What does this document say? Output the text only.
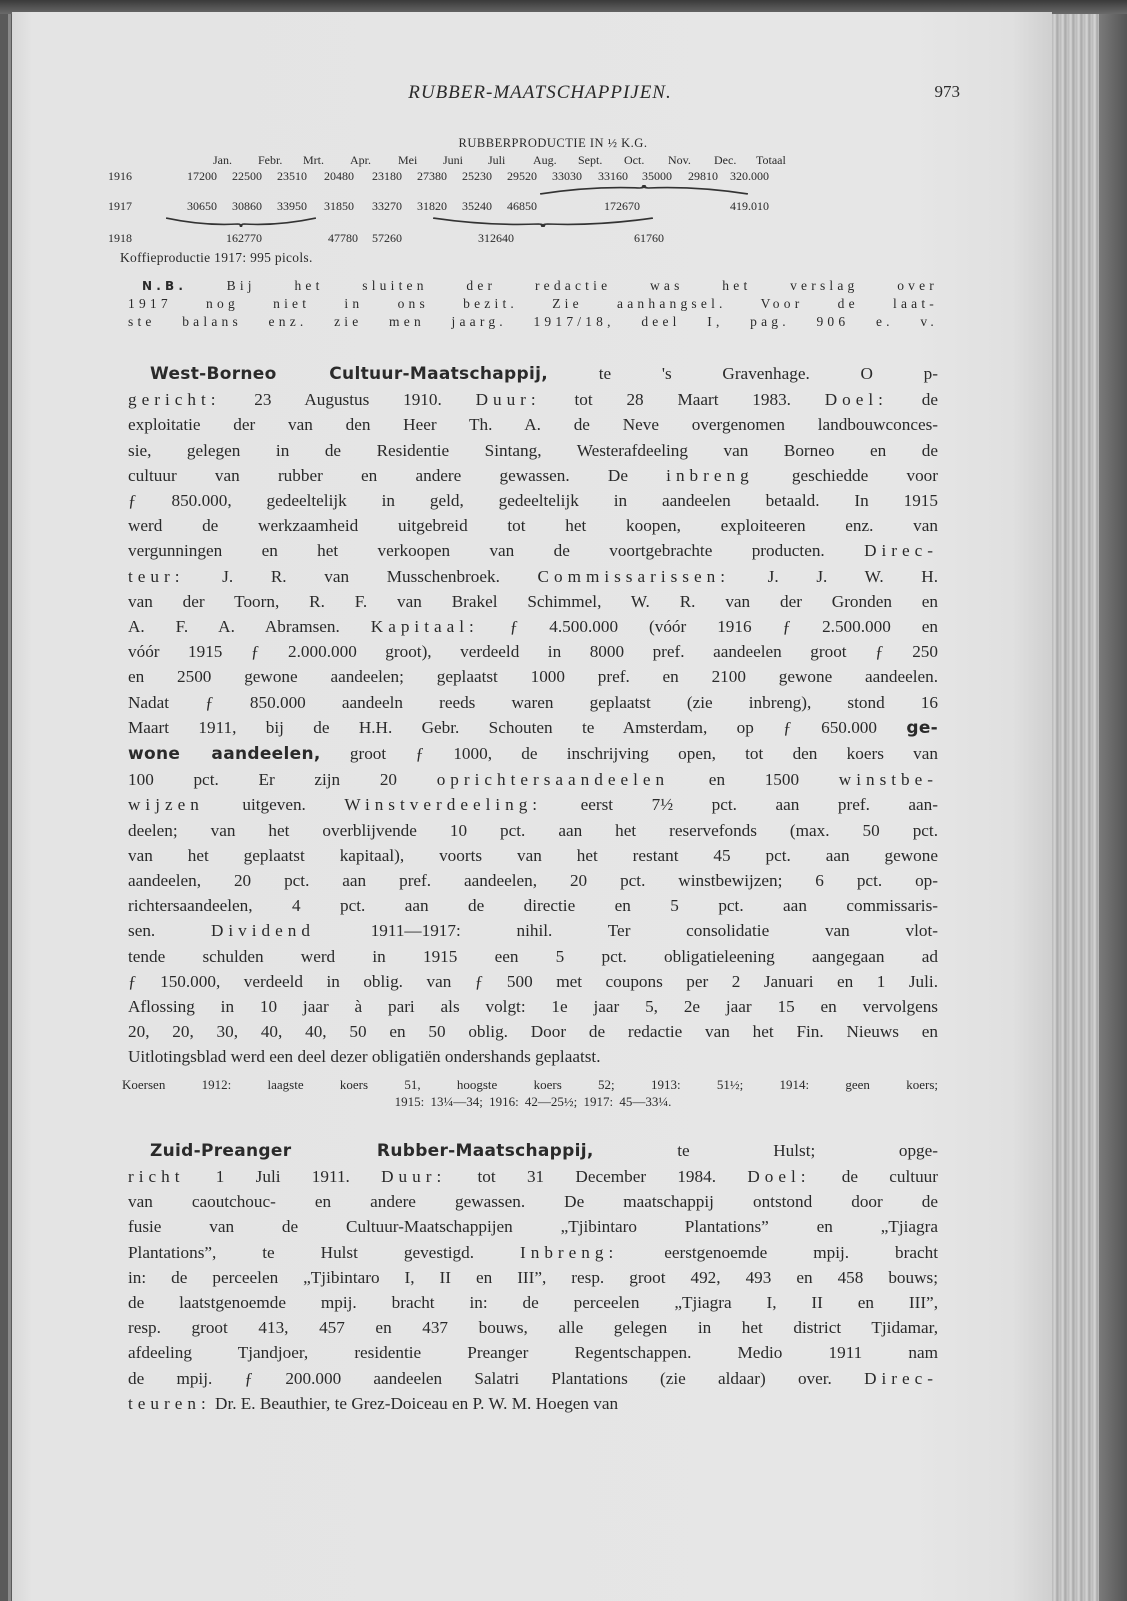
RUBBER-MAATSCHAPPIJEN.	973
RUBBERPRODUCTIE IN ½ K.G.
Jan. Febr. Mrt. Apr. Mei Juni Juli Aug. Sept. Oct. Nov. Dec. Totaal
1916	17200 22500 23510 20480 23180 27380 25230 29520 33030 33160 35000 29810 320.000
1917	30650 30860 33950 31850 33270 31820 35240 46850	172670	419.010
1918	162770	47780 57260	312640	61760
Koffieproductie 1917: 995 picols.
N.B. Bij het sluiten der redactie was het verslag over
1917 nog niet in ons bezit. Zie aanhangsel. Voor de laat-
ste balans enz. zie men jaarg. 1917/18, deel I, pag. 906 e. v.
West-Borneo Cultuur-Maatschappij, te 's Gravenhage. O p-
gericht: 23 Augustus 1910. Duur: tot 28 Maart 1983. Doel: de
exploitatie der van den Heer Th. A. de Neve overgenomen landbouwconces-
sie, gelegen in de Residentie Sintang, Westerafdeeling van Borneo en de
cultuur van rubber en andere gewassen. De inbreng geschiedde voor
ƒ 850.000, gedeeltelijk in geld, gedeeltelijk in aandeelen betaald. In 1915
werd de werkzaamheid uitgebreid tot het koopen, exploiteeren enz. van
vergunningen en het verkoopen van de voortgebrachte producten. Direc-
teur: J. R. van Musschenbroek. Commissarissen: J. J. W. H.
van der Toorn, R. F. van Brakel Schimmel, W. R. van der Gronden en
A. F. A. Abramsen. Kapitaal: ƒ 4.500.000 (vóór 1916 ƒ 2.500.000 en
vóór 1915 ƒ 2.000.000 groot), verdeeld in 8000 pref. aandeelen groot ƒ 250
en 2500 gewone aandeelen; geplaatst 1000 pref. en 2100 gewone aandeelen.
Nadat ƒ 850.000 aandeeln reeds waren geplaatst (zie inbreng), stond 16
Maart 1911, bij de H.H. Gebr. Schouten te Amsterdam, op ƒ 650.000 ge-
wone aandeelen, groot ƒ 1000, de inschrijving open, tot den koers van
100 pct. Er zijn 20 oprichtersaandeelen en 1500 winstbe-
wijzen uitgeven. Winstverdeeling: eerst 7½ pct. aan pref. aan-
deelen; van het overblijvende 10 pct. aan het reservefonds (max. 50 pct.
van het geplaatst kapitaal), voorts van het restant 45 pct. aan gewone
aandeelen, 20 pct. aan pref. aandeelen, 20 pct. winstbewijzen; 6 pct. op-
richtersaandeelen, 4 pct. aan de directie en 5 pct. aan commissaris-
sen. Dividend 1911—1917: nihil. Ter consolidatie van vlot-
tende schulden werd in 1915 een 5 pct. obligatieleening aangegaan ad
ƒ 150.000, verdeeld in oblig. van ƒ 500 met coupons per 2 Januari en 1 Juli.
Aflossing in 10 jaar à pari als volgt: 1e jaar 5, 2e jaar 15 en vervolgens
20, 20, 30, 40, 40, 50 en 50 oblig. Door de redactie van het Fin. Nieuws en
Uitlotingsblad werd een deel dezer obligatiën ondershands geplaatst.
Koersen 1912: laagste koers 51, hoogste koers 52; 1913: 51½; 1914: geen koers;
1915: 13¼—34; 1916: 42—25½; 1917: 45—33¼.
Zuid-Preanger Rubber-Maatschappij, te Hulst; opge-
richt 1 Juli 1911. Duur: tot 31 December 1984. Doel: de cultuur
van caoutchouc- en andere gewassen. De maatschappij ontstond door de
fusie van de Cultuur-Maatschappijen „Tjibintaro Plantations” en „Tjiagra
Plantations”, te Hulst gevestigd. Inbreng: eerstgenoemde mpij. bracht
in: de perceelen „Tjibintaro I, II en III”, resp. groot 492, 493 en 458 bouws;
de laatstgenoemde mpij. bracht in: de perceelen „Tjiagra I, II en III”,
resp. groot 413, 457 en 437 bouws, alle gelegen in het district Tjidamar,
afdeeling Tjandjoer, residentie Preanger Regentschappen. Medio 1911 nam
de mpij. ƒ 200.000 aandeelen Salatri Plantations (zie aldaar) over. Direc-
teuren: Dr. E. Beauthier, te Grez-Doiceau en P. W. M. Hoegen van
